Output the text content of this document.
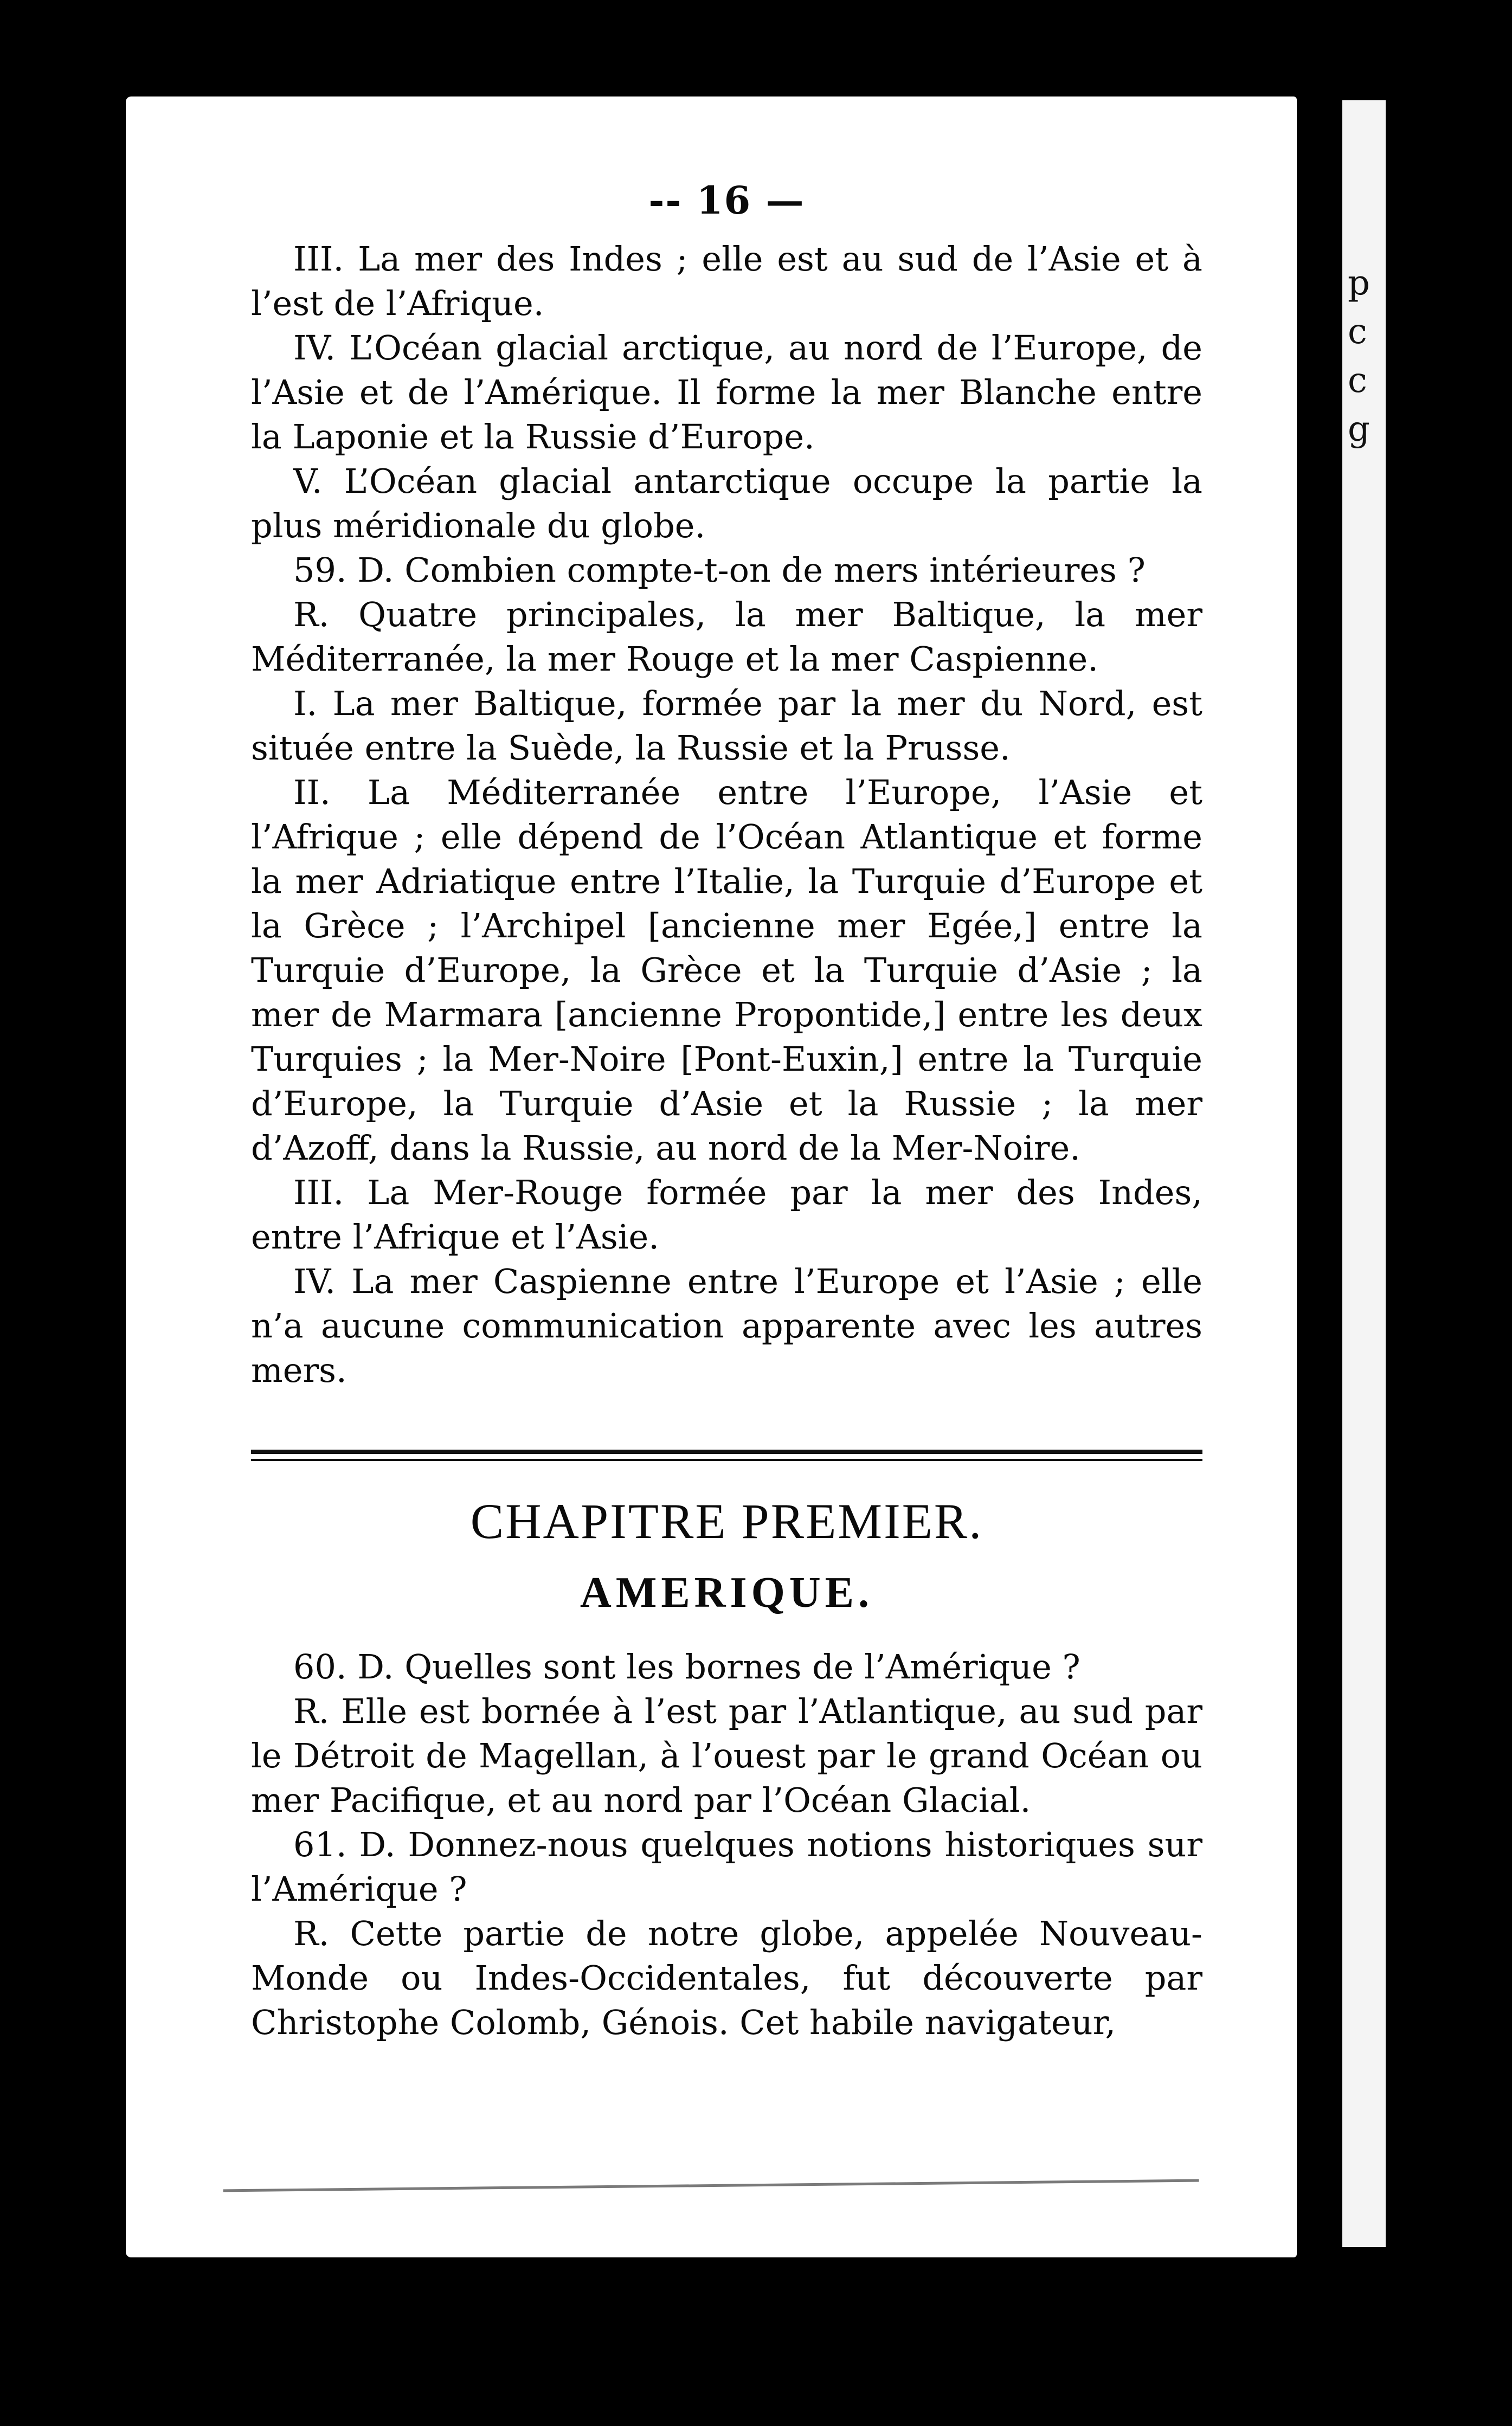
-- 16 —

III. La mer des Indes ; elle est au sud de l’Asie et à l’est de l’Afrique.

IV. L’Océan glacial arctique, au nord de l’Europe, de l’Asie et de l’Amérique. Il forme la mer Blanche entre la Laponie et la Russie d’Europe.

V. L’Océan glacial antarctique occupe la partie la plus méridionale du globe.

59. D. Combien compte-t-on de mers intérieures ?

R. Quatre principales, la mer Baltique, la mer Méditerranée, la mer Rouge et la mer Caspienne.

I. La mer Baltique, formée par la mer du Nord, est située entre la Suède, la Russie et la Prusse.

II. La Méditerranée entre l’Europe, l’Asie et l’Afrique ; elle dépend de l’Océan Atlantique et forme la mer Adriatique entre l’Italie, la Turquie d’Europe et la Grèce ; l’Archipel [ancienne mer Egée,] entre la Turquie d’Europe, la Grèce et la Turquie d’Asie ; la mer de Marmara [ancienne Propontide,] entre les deux Turquies ; la Mer-Noire [Pont-Euxin,] entre la Turquie d’Europe, la Turquie d’Asie et la Russie ; la mer d’Azoff, dans la Russie, au nord de la Mer-Noire.

III. La Mer-Rouge formée par la mer des Indes, entre l’Afrique et l’Asie.

IV. La mer Caspienne entre l’Europe et l’Asie ; elle n’a aucune communication apparente avec les autres mers.

CHAPITRE PREMIER.
AMERIQUE.

60. D. Quelles sont les bornes de l’Amérique ?

R. Elle est bornée à l’est par l’Atlantique, au sud par le Détroit de Magellan, à l’ouest par le grand Océan ou mer Pacifique, et au nord par l’Océan Glacial.

61. D. Donnez-nous quelques notions historiques sur l’Amérique ?

R. Cette partie de notre globe, appelée Nouveau-Monde ou Indes-Occidentales, fut découverte par Christophe Colomb, Génois. Cet habile navigateur,

p
c
c
g
